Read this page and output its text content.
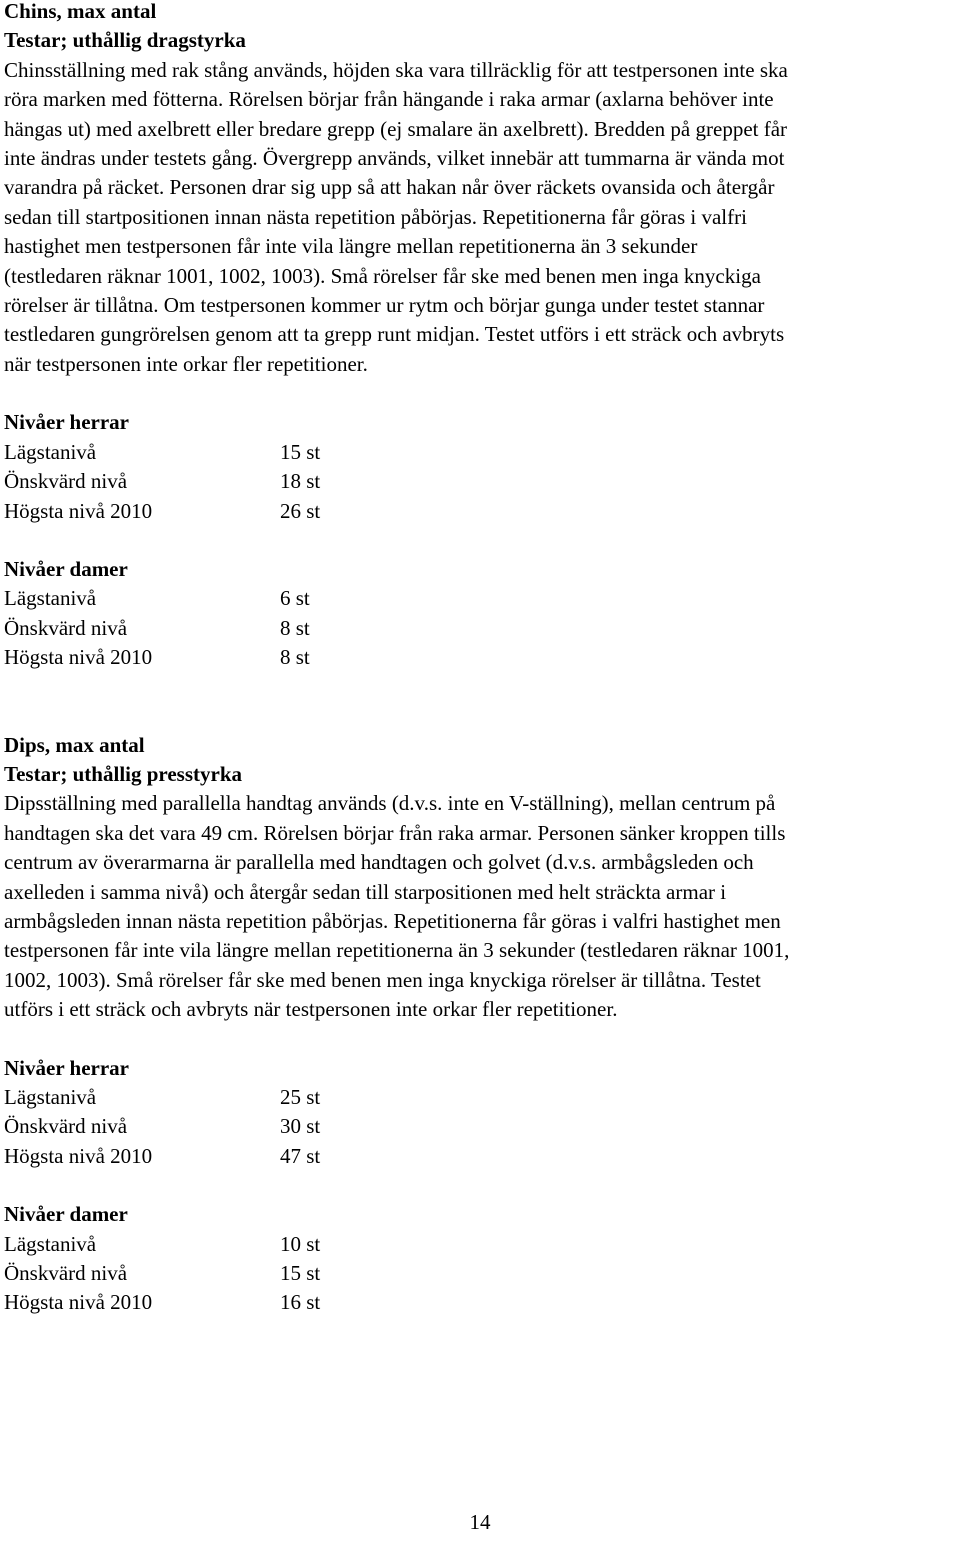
Chins, max antal
Testar; uthållig dragstyrka
Chinsställning med rak stång används, höjden ska vara tillräcklig för att testpersonen inte ska
röra marken med fötterna. Rörelsen börjar från hängande i raka armar (axlarna behöver inte
hängas ut) med axelbrett eller bredare grepp (ej smalare än axelbrett). Bredden på greppet får
inte ändras under testets gång. Övergrepp används, vilket innebär att tummarna är vända mot
varandra på räcket. Personen drar sig upp så att hakan når över räckets ovansida och återgår
sedan till startpositionen innan nästa repetition påbörjas. Repetitionerna får göras i valfri
hastighet men testpersonen får inte vila längre mellan repetitionerna än 3 sekunder
(testledaren räknar 1001, 1002, 1003). Små rörelser får ske med benen men inga knyckiga
rörelser är tillåtna. Om testpersonen kommer ur rytm och börjar gunga under testet stannar
testledaren gungrörelsen genom att ta grepp runt midjan. Testet utförs i ett sträck och avbryts
när testpersonen inte orkar fler repetitioner.
Nivåer herrar
Lägstanivå	15 st
Önskvärd nivå	18 st
Högsta nivå 2010	26 st
Nivåer damer
Lägstanivå	6 st
Önskvärd nivå	8 st
Högsta nivå 2010	8 st
Dips, max antal
Testar; uthållig presstyrka
Dipsställning med parallella handtag används (d.v.s. inte en V-ställning), mellan centrum på
handtagen ska det vara 49 cm. Rörelsen börjar från raka armar. Personen sänker kroppen tills
centrum av överarmarna är parallella med handtagen och golvet (d.v.s. armbågsleden och
axelleden i samma nivå) och återgår sedan till starpositionen med helt sträckta armar i
armbågsleden innan nästa repetition påbörjas. Repetitionerna får göras i valfri hastighet men
testpersonen får inte vila längre mellan repetitionerna än 3 sekunder (testledaren räknar 1001,
1002, 1003). Små rörelser får ske med benen men inga knyckiga rörelser är tillåtna. Testet
utförs i ett sträck och avbryts när testpersonen inte orkar fler repetitioner.
Nivåer herrar
Lägstanivå	25 st
Önskvärd nivå	30 st
Högsta nivå 2010	47 st
Nivåer damer
Lägstanivå	10 st
Önskvärd nivå	15 st
Högsta nivå 2010	16 st
14
